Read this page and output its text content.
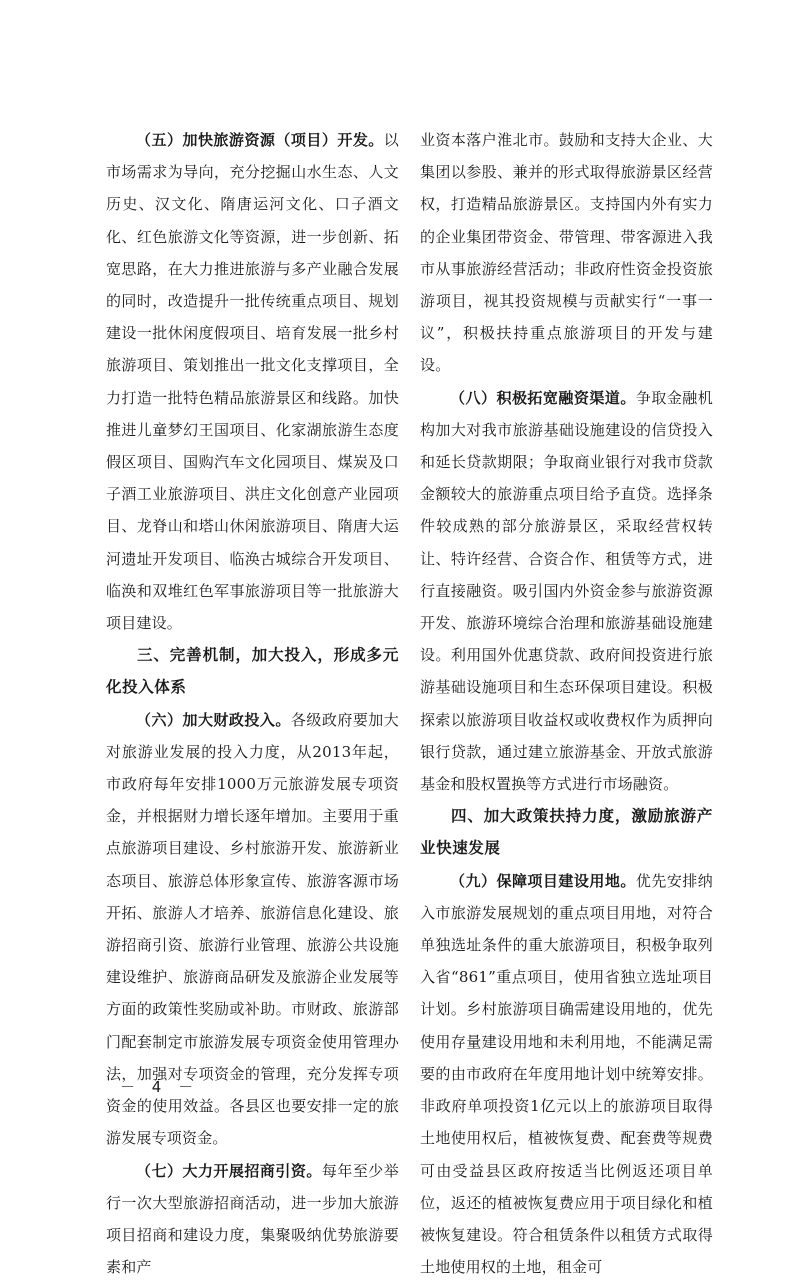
（五）加快旅游资源（项目）开发。以市场需求为导向，充分挖掘山水生态、人文历史、汉文化、隋唐运河文化、口子酒文化、红色旅游文化等资源，进一步创新、拓宽思路，在大力推进旅游与多产业融合发展的同时，改造提升一批传统重点项目、规划建设一批休闲度假项目、培育发展一批乡村旅游项目、策划推出一批文化支撑项目，全力打造一批特色精品旅游景区和线路。加快推进儿童梦幻王国项目、化家湖旅游生态度假区项目、国购汽车文化园项目、煤炭及口子酒工业旅游项目、洪庄文化创意产业园项目、龙脊山和塔山休闲旅游项目、隋唐大运河遗址开发项目、临涣古城综合开发项目、临涣和双堆红色军事旅游项目等一批旅游大项目建设。

三、完善机制，加大投入，形成多元化投入体系

（六）加大财政投入。各级政府要加大对旅游业发展的投入力度，从2013年起，市政府每年安排1000万元旅游发展专项资金，并根据财力增长逐年增加。主要用于重点旅游项目建设、乡村旅游开发、旅游新业态项目、旅游总体形象宣传、旅游客源市场开拓、旅游人才培养、旅游信息化建设、旅游招商引资、旅游行业管理、旅游公共设施建设维护、旅游商品研发及旅游企业发展等方面的政策性奖励或补助。市财政、旅游部门配套制定市旅游发展专项资金使用管理办法，加强对专项资金的管理，充分发挥专项资金的使用效益。各县区也要安排一定的旅游发展专项资金。

（七）大力开展招商引资。每年至少举行一次大型旅游招商活动，进一步加大旅游项目招商和建设力度，集聚吸纳优势旅游要素和产

业资本落户淮北市。鼓励和支持大企业、大集团以参股、兼并的形式取得旅游景区经营权，打造精品旅游景区。支持国内外有实力的企业集团带资金、带管理、带客源进入我市从事旅游经营活动；非政府性资金投资旅游项目，视其投资规模与贡献实行“一事一议”，积极扶持重点旅游项目的开发与建设。

（八）积极拓宽融资渠道。争取金融机构加大对我市旅游基础设施建设的信贷投入和延长贷款期限；争取商业银行对我市贷款金额较大的旅游重点项目给予直贷。选择条件较成熟的部分旅游景区，采取经营权转让、特许经营、合资合作、租赁等方式，进行直接融资。吸引国内外资金参与旅游资源开发、旅游环境综合治理和旅游基础设施建设。利用国外优惠贷款、政府间投资进行旅游基础设施项目和生态环保项目建设。积极探索以旅游项目收益权或收费权作为质押向银行贷款，通过建立旅游基金、开放式旅游基金和股权置换等方式进行市场融资。

四、加大政策扶持力度，激励旅游产业快速发展

（九）保障项目建设用地。优先安排纳入市旅游发展规划的重点项目用地，对符合单独选址条件的重大旅游项目，积极争取列入省“861”重点项目，使用省独立选址项目计划。乡村旅游项目确需建设用地的，优先使用存量建设用地和未利用地，不能满足需要的由市政府在年度用地计划中统筹安排。非政府单项投资1亿元以上的旅游项目取得土地使用权后，植被恢复费、配套费等规费可由受益县区政府按适当比例返还项目单位，返还的植被恢复费应用于项目绿化和植被恢复建设。符合租赁条件以租赁方式取得土地使用权的土地，租金可

－ 4 －
